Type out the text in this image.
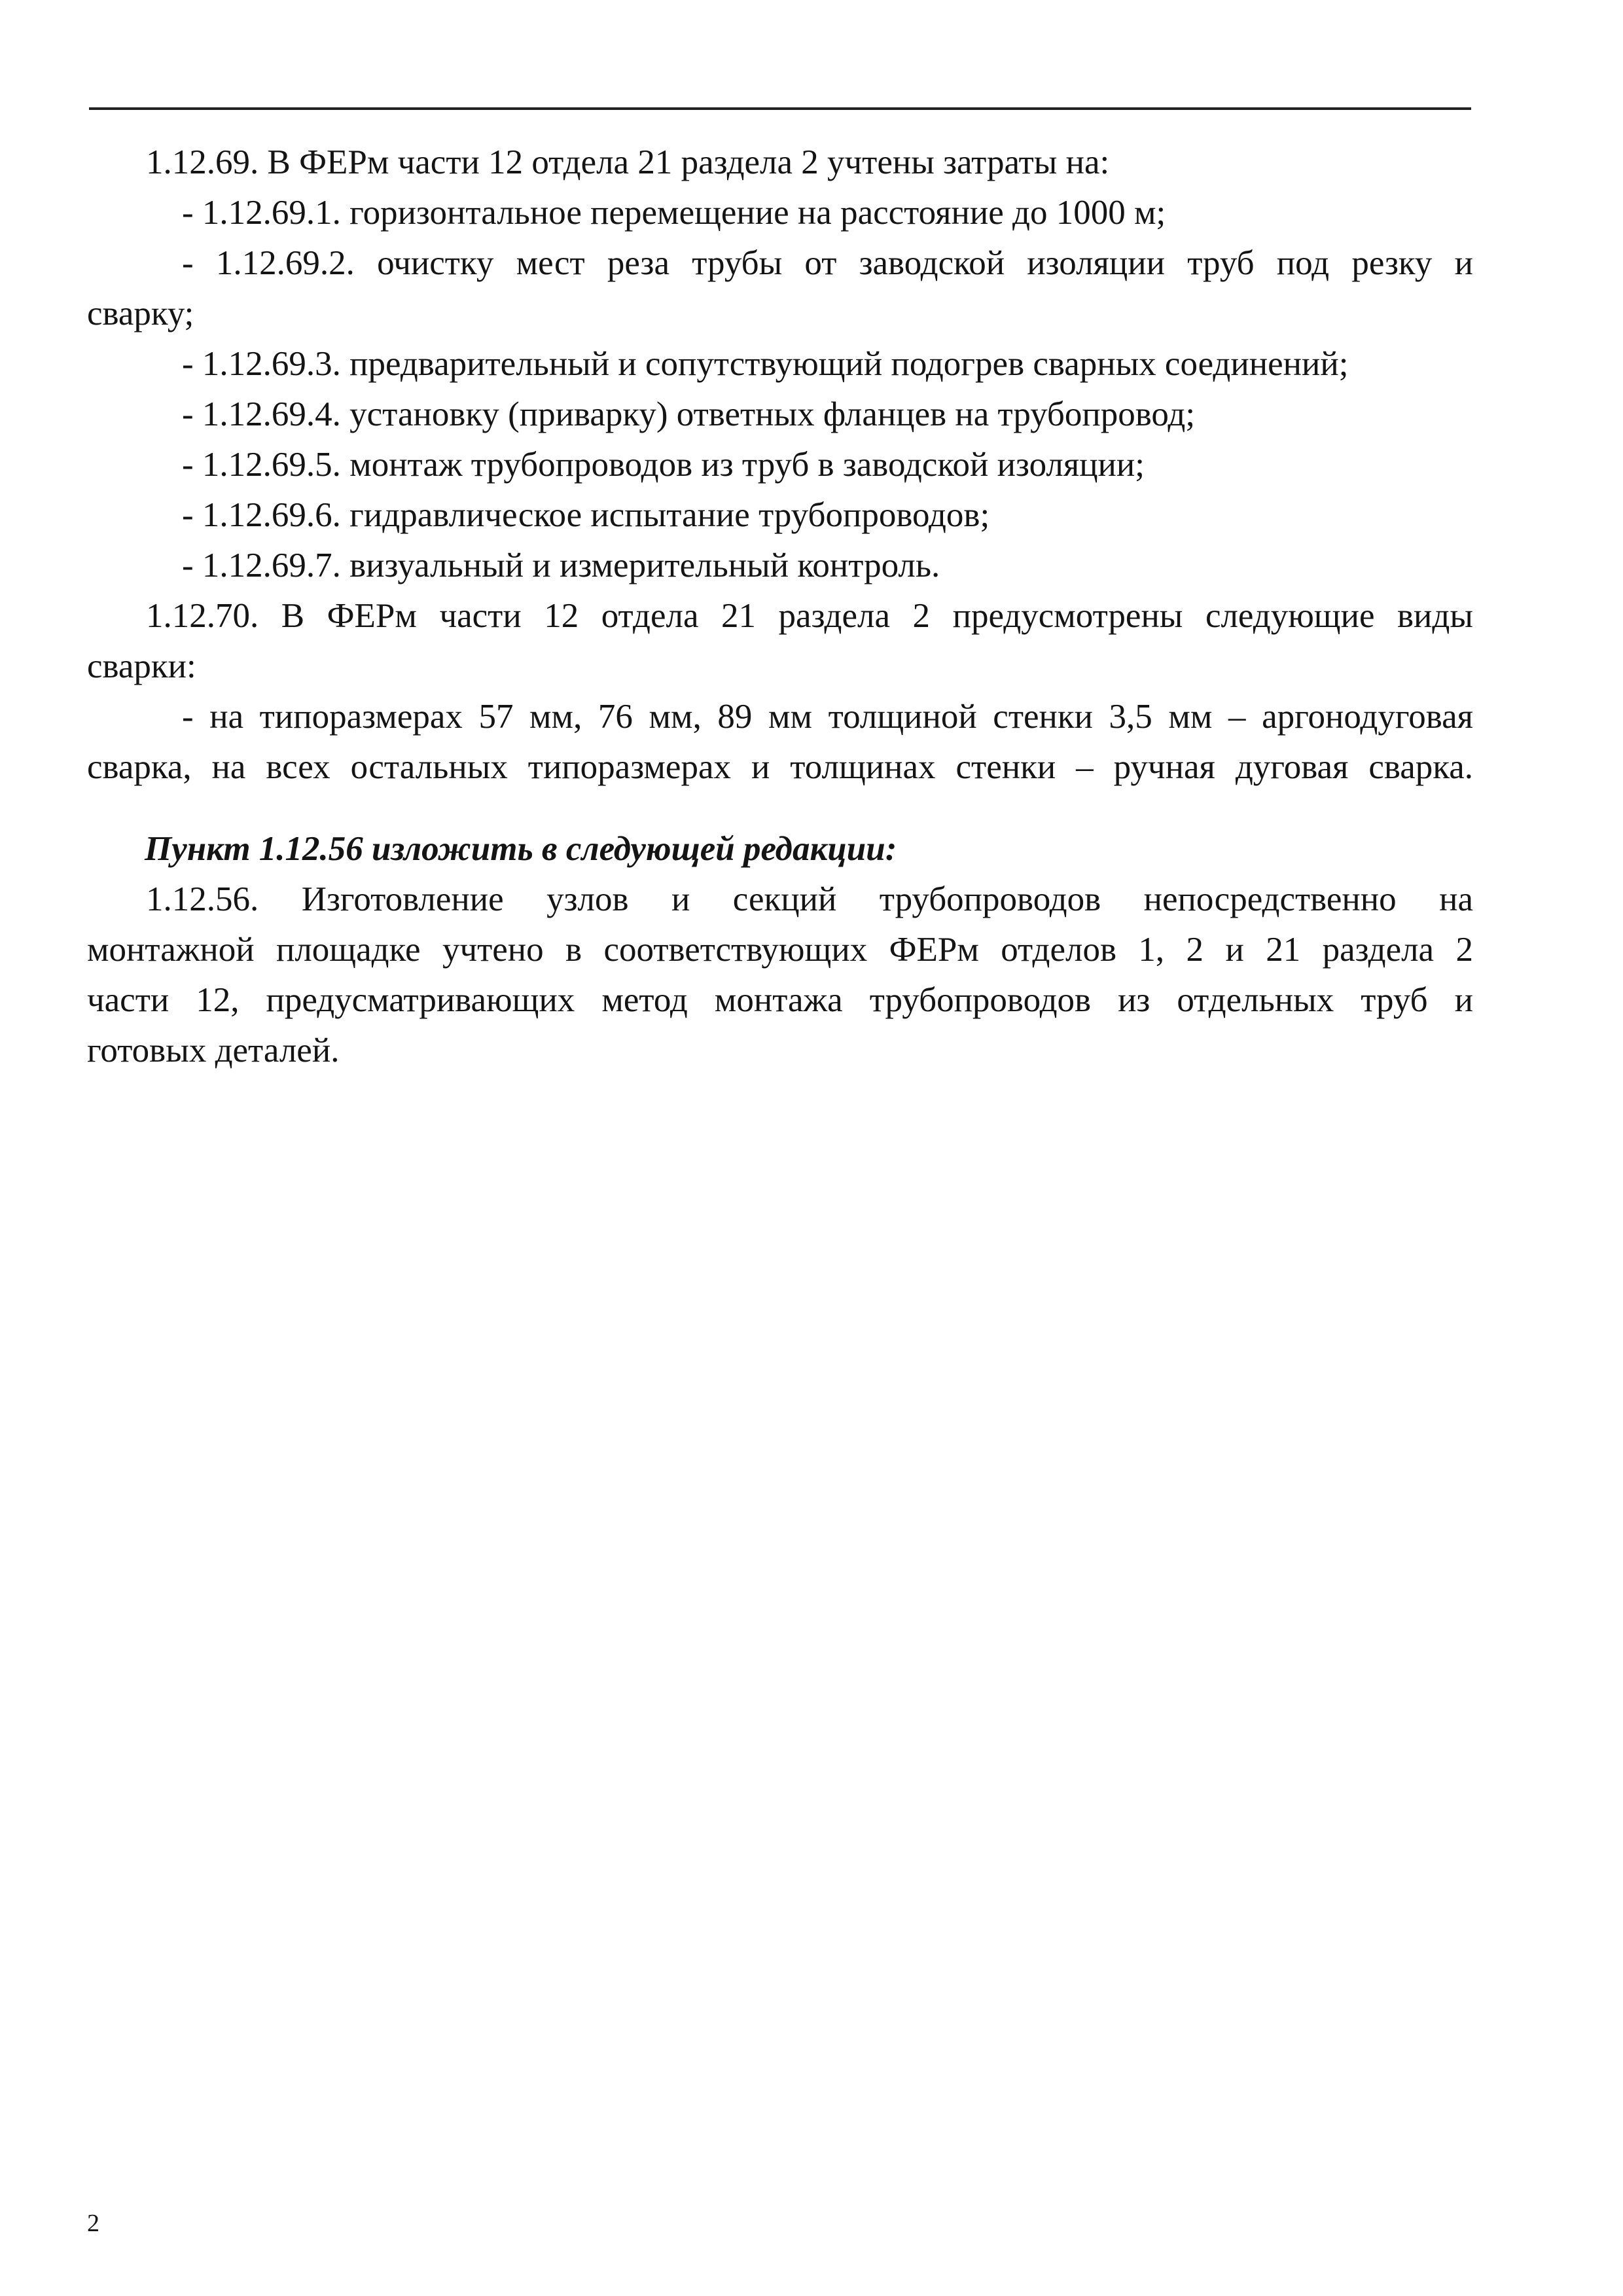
1.12.69. В ФЕРм части 12 отдела 21 раздела 2 учтены затраты на:
- 1.12.69.1. горизонтальное перемещение на расстояние до 1000 м;
- 1.12.69.2. очистку мест реза трубы от заводской изоляции труб под резку и
сварку;
- 1.12.69.3. предварительный и сопутствующий подогрев сварных соединений;
- 1.12.69.4. установку (приварку) ответных фланцев на трубопровод;
- 1.12.69.5. монтаж трубопроводов из труб в заводской изоляции;
- 1.12.69.6. гидравлическое испытание трубопроводов;
- 1.12.69.7. визуальный и измерительный контроль.
1.12.70. В ФЕРм части 12 отдела 21 раздела 2 предусмотрены следующие виды
сварки:
- на типоразмерах 57 мм, 76 мм, 89 мм толщиной стенки 3,5 мм – аргонодуговая
сварка, на всех остальных типоразмерах и толщинах стенки – ручная дуговая сварка.
Пункт 1.12.56 изложить в следующей редакции:
1.12.56. Изготовление узлов и секций трубопроводов непосредственно на
монтажной площадке учтено в соответствующих ФЕРм отделов 1, 2 и 21 раздела 2
части 12, предусматривающих метод монтажа трубопроводов из отдельных труб и
готовых деталей.
2
